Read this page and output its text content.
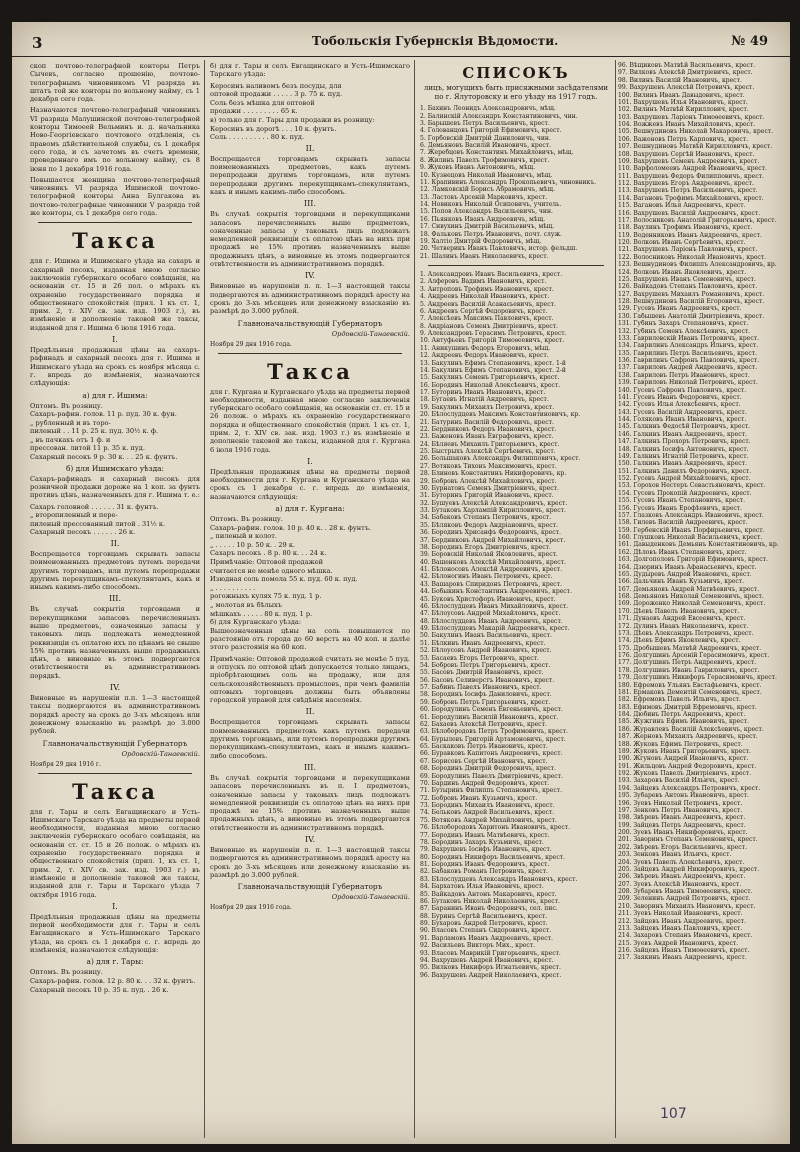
3	Тобольскія Губернскія Вѣдомости.	№ 49

скоп почтово-телеграфной конторы Петръ Сычевъ, согласно прошенію, почтово-телеграфнымъ чиновникомъ VI разряда въ штатъ той же конторы по вольному найму, съ 1 декабря сего года.

Назначаются почтово-телеграфный чиновникъ VI разряда Малушинской почтово-телеграфной конторы Тимоеей Вельминъ и. д. начальника Ново-Георгіевскаго почтового отдѣленія, съ правомъ дѣйствительной службы, съ 1 декабря сего года, и съ зачетомъ въ счетъ времени, проведеннаго имъ по вольному найму, съ 8 іюня по 1 декабря 1916 года.

Повышается женщина почтово-телеграфный чиновникъ VI разряда Ишимской почтово-телеграфной конторы Анна Булгакова въ почтово-телеграфные чиновники V разряда той же конторы, съ 1 декабря сего года.

Такса

для г. Ишима и Ишимскаго уѣзда на сахаръ и сахарный песокъ, изданная мною согласно заключенія губернскаго особаго совѣщанія, на основаніи ст. 15 и 26 пол. о мѣрахъ къ охраненію государственнаго порядка и общественнаго спокойствія (прил. 1 къ ст. 1, прим. 2, т. XIV св. зак. изд. 1903 г.), въ измѣненіе и дополненіе таковой же таксы, изданной для г. Ишима 6 іюля 1916 года.

I.

Предѣльныя продажныя цѣны на сахаръ-рафинадъ и сахарный песокъ для г. Ишима и Ишимскаго уѣзда на срокъ съ ноября мѣсяца с. г. впредь до измѣненія, назначаются слѣдующія:

а) для г. Ишима:
Оптомъ. Въ розницу.
Сахаръ-рафин. голов. 11 р. пуд. 30 к. фун.
„ рубленный и въ торо-
пиленый . . 11 р. 25 к. пуд. 30½ к. ф.
„ въ пачкахъ отъ 1 ф. и
прессован. литой 11 р. 35 к. пуд.
Сахарный песокъ 9 р. 30 к. . . 25 к. фунтъ.
б) для Ишимскаго уѣзда:

Сахаръ-рафинадъ и сахарный песокъ для розничной продажи дороже на 1 коп. за фунтъ противъ цѣнъ, назначенныхъ для г. Ишима т. е.:

Сахаръ головной . . . . . . 31 к. фунтъ.
„ второпиленный и пере-
пиленый прессованный литой . 31½ к.
Сахарный песокъ . . . . . . 26 к.
II.

Воспрещается торговцамъ скрывать запасы поименованныхъ предметовъ путемъ передачи другимъ торговцамъ, или путемъ перепродажи другимъ перекупщикамъ-спекулянтамъ, какъ и инымъ какимъ-либо способомъ.

III.

Въ случаѣ сокрытія торговцами и перекупщиками запасовъ перечисленныхъ выше предметовъ, означенные запасы у таковыхъ лицъ подлежатъ немедленной реквизиціи съ оплатою ихъ по цѣнамъ не свыше 15% противъ назначенныхъ выше продажныхъ цѣнъ, а виновные въ этомъ подвергаются отвѣтственности въ административномъ порядкѣ.

IV.

Виновные въ нарушеніи п.п. 1—3 настоящей таксы подвергаются въ административномъ порядкѣ аресту на срокъ до 3-хъ мѣсяцевъ или денежному взысканію въ размѣрѣ до 3.000 рублей.

Главноначальствующій Губернаторъ
Ордовскій-Танаевскій.
Ноября 29 дня 1916 г.
Такса

для г. Тары и селъ Евгащинскаго и Усть-Ишимскаго Тарскаго уѣзда на предметы первой необходимости, изданная мною согласно заключенія губернскаго особаго совѣщанія, на основаніи ст. ст. 15 и 26 полож. о мѣрахъ къ охраненію государственнаго порядка и общественнаго спокойствія (прил. 1, къ ст. 1, прим. 2, т. XIV св. зак. изд. 1903 г.) въ измѣненіе и дополненіе таковой же таксы, изданной для г. Тары и Тарскаго уѣзда 7 октября 1916 года.

I.

Предѣльныя продажныя цѣны на предметы первой необходимости для г. Тары и селъ Евгащинскаго и Усть-Ишимскаго Тарскаго уѣзда, на срокъ съ 1 декабря с. г. впредь до измѣненія, назначаются слѣдующія:

а) для г. Тары:
Оптомъ. Въ розницу.
Сахаръ-рафин. голов. 12 р. 80 к. . . 32 к. фунтъ.
Сахарный песокъ 10 р. 35 к. пуд. . 26 к.

б) для г. Тары и селъ Евгащинскаго и Усть-Ишимскаго Тарскаго уѣзда:

Керосинъ наливомъ безъ посуды, для
оптовой продажи . . . . . 3 р. 75 к. пуд.
Соль безъ мѣшка для оптовой
продажи . . . . . . . . . 65 к.
в) только для г. Тары для продажи въ розницу:
Керосинъ въ дорогѣ . . . 10 к. фунтъ.
Соль . . . . . . . . . . 80 к. пуд.
II.

Воспрещается торговцамъ скрывать запасы поименованныхъ предметовъ, какъ путемъ перепродажи другимъ торговцамъ, или путемъ перепродажи другимъ перекупщикамъ-спекулянтамъ, какъ и инымъ какимъ-либо способомъ.

III.

Въ случаѣ сокрытія торговцами и перекупщиками запасовъ перечисленныхъ выше предметовъ, означенные запасы у таковыхъ лицъ подлежатъ немедленной реквизиціи съ оплатою цѣнъ на нихъ при продажѣ не 15% противъ назначенныхъ выше продажныхъ цѣнъ, а виновные въ этомъ подвергаются отвѣтственности въ административномъ порядкѣ.

IV.

Виновные въ нарушеніи п. п. 1—3 настоящей таксы подвергаются въ административномъ порядкѣ аресту на срокъ до 3-хъ мѣсяцевъ или денежному взысканію въ размѣрѣ до 3.000 рублей.

Главноначальствующій Губернаторъ
Ордовскій-Танаевскій.
Ноября 29 дня 1916 года.
Такса

для г. Кургана и Курганскаго уѣзда на предметы первой необходимости, изданная мною согласно заключенія губернскаго особаго совѣщанія, на основаніи ст. ст. 15 и 26 полож. о мѣрахъ къ охраненію государственнаго порядка и общественнаго спокойствія (прил. 1 къ ст. 1, прим. 2, т. XIV св. зак. изд. 1903 г.) въ измѣненіе и дополненіе таковой же таксы, изданной для г. Кургана 6 іюля 1916 года.

I.

Предѣльныя продажныя цѣны на предметы первой необходимости для г. Кургана и Курганскаго уѣзда на срокъ съ 1 декабря с. г. впредь до измѣненія, назначаются слѣдующія:

а) для г. Кургана:
Оптомъ. Въ розницу.
Сахаръ-рафин. голов. 10 р. 40 к. . 28 к. фунтъ.
„ пиленый и колот.
„ . . . . . 10 р. 50 к. . 29 к.
Сахаръ песокъ . 8 р. 80 к. . . 24 к.
Примѣчаніе: Оптовой продажей
считается не менѣе одного мѣшка.
Изюдная соль помола 55 к. пуд. 60 к. пуд.
„ . . . . . . . . . .
рогожныхъ кулях 75 к. пуд. 1 р.
„ молотая въ бѣлыхъ
мѣшкахъ . . . . . 80 к. пуд. 1 р.
б) для Курганскаго уѣзда:

Вышеозначенныя цѣны на соль повышаются по разстоянію отъ города до 60 верстъ на 40 коп. и далѣе этого разстоянія на 60 коп.

Примѣчаніе: Оптовой продажей считать не менѣе 5 пуд. и отпускъ по оптовой цѣнѣ допускается только лицамъ, пріобрѣтающимъ соль на продажу, или для сельскохозяйственныхъ промысловъ, при чемъ фамиліи оптовыхъ торговцевъ должны быть объявлены городской управой для свѣдѣнія населенія.

II.

Воспрещается торговцамъ скрывать запасы поименованныхъ предметовъ какъ путемъ передачи другимъ торговцамъ, или путемъ перепродажи другимъ перекупщикамъ-спекулянтамъ, какъ и инымъ какимъ-либо способомъ.

III.

Въ случаѣ сокрытія торговцами и перекупщиками запасовъ перечисленныхъ въ п. I предметовъ, означенные запасы у таковыхъ лицъ подлежатъ немедленной реквизиціи съ оплатою цѣнъ на нихъ при продажѣ не 15% противъ назначенныхъ выше продажныхъ цѣнъ, а виновные въ этомъ подвергаются отвѣтственности въ административномъ порядкѣ.

IV.

Виновные въ нарушеніи п. п. 1—3 настоящей таксы подвергаются въ административномъ порядкѣ аресту на срокъ до 3-хъ мѣсяцевъ или денежному взысканію въ размѣрѣ до 3.000 рублей.

Главноначальствующій Губернаторъ
Ордовскій-Танаевскій.
Ноября 29 дня 1916 года.
СПИСОКЪ
лицъ, могущихъ быть присяжными засѣдателями по г. Ялуторовску и его уѣзду на 1917 годъ.
1. Бахинъ Леонидъ Александровичъ, мѣщ.
2. Балинскій Александръ Константиновичъ, чин.
3. Барышевъ Петръ Васильевичъ, крест.
4. Голованцовъ Григорій Ефимовичъ, крест.
5. Горбовскій Дмитрій Даниловичъ, чин.
6. Демьяновъ Василій Ивановичъ, крест.
7. Жеребцовъ Константинъ Михайловичъ, мѣщ.
8. Жилинъ Павелъ Трофимовичъ, крест.
9. Жуковъ Иванъ Антоновичъ, мѣщ.
10. Кузнецовъ Николай Ивановичъ, мѣщ.
11. Крапивинъ Александръ Прокопьевичъ, чиновникъ.
12. Ламковскій Борисъ Абрамовичъ, мѣщ.
13. Ластовъ Арсеній Марковичъ, крест.
14. Новиковъ Николай Осиповичъ, учитель.
15. Попов Александръ Васильевичъ, чин.
16. Пьянковъ Иванъ Андреевичъ, мѣщ.
17. Сивухинъ Дмитрій Васильевичъ, мѣщ.
18. Фальковъ Петръ Ивановичъ, почт. служ.
19. Халтіо Дмитрій Федоровичъ, мѣщ.
20. Четверикъ Иванъ Павловичъ, истор. фельдш.
21. Шалинъ Иванъ Николаевичъ, крест.
1. Александровъ Иванъ Васильевичъ, крест.
2. Алферовъ Вадимъ Ивановичъ, крест.
3. Антроповъ Трофимъ Ивановичъ, крест.
4. Андреевъ Николай Ивановичъ, крест.
5. Андреевъ Василій Асанасьевичъ, крест.
6. Андреевъ Сергѣй Федоровичъ, крест.
7. Алексѣевъ Максимъ Павловичъ, крест.
8. Андріановъ Семенъ Дмитріевичъ, крест.
9. Александровъ Герасимъ Петровичъ, крест.
10. Антуфьевъ Григорій Тимоѳеевичъ, крест.
11. Аникушинъ Федоръ Егоровичъ, мѣщ.
12. Андреевъ Федоръ Ивановичъ, крест.
13. Бакулинъ Ефимъ Степановичъ, крест. 1-й
14. Бакулинъ Ефимъ Степановичъ, крест. 2-й
15. Бакулинъ Семенъ Григорьевичъ, крест.
16. Бородинъ Николай Алексѣевичъ, крест.
17. Буторинъ Иванъ Ивановичъ, крест.
18. Бугаевъ Игнатій Андреевичъ, крест.
19. Бакулинъ Михаилъ Петровичъ, крест.
20. Бѣлослудцевъ Максимъ Константиновичъ, кр.
21. Батуринъ Василій Федоровичъ, крест.
22. Бердниковъ Федоръ Ивановичъ, крест.
23. Баженовъ Иванъ Евграфовичъ, крест.
24. Бѣляевъ Михаилъ Григорьевичъ, крест.
25. Быстрыхъ Алексѣй Сергѣевичъ, крест.
26. Большаковъ Александръ Филипповичъ, крест.
27. Вотяковъ Тихонъ Максимовичъ, крест.
28. Блиновъ Константинъ Никифоровичъ, кр.
29. Бобровъ Алексѣй Михайловичъ, крест.
30. Бурнатовъ Семенъ Дмитріевичъ, крест.
31. Буторинъ Григорій Ивановичъ, крест.
32. Бушуевъ Алексѣй Александровичъ, крест.
33. Бутаковъ Харлампій Кирилловичъ, крест.
34. Бабаковъ Степанъ Петровичъ, крест.
35. Бѣляковъ Федоръ Андріановичъ, крест.
36. Бородинъ Хрисанфъ Федоровичъ, крест.
37. Бердниковъ Андрей Михайловичъ, крест.
38. Бородинъ Егоръ Дмитріевичъ, крест.
39. Боровскій Николай Яковлевичъ, крест.
40. Вашенковъ Алексѣй Михайловичъ, крест.
41. Бѣлоносовъ Алексѣй Андреевичъ, крест.
42. Бѣлоногинъ Иванъ Петровичъ, крест.
43. Вашаровъ Спиридонъ Петровичъ, крест.
44. Бобыкинъ Константинъ Андреевичъ, крест.
45. Буковъ Христофоръ Ивановичъ, крест.
46. Бѣлослудцевъ Иванъ Михайловичъ, крест.
47. Бѣлоусовъ Андрей Михайловичъ, крест.
48. Бѣлослудцевъ Иванъ Андреевичъ, крест.
49. Бѣлослудцевъ Макарій Андреевичъ, крест.
50. Бакулинъ Иванъ Васильевичъ, крест.
51. Бѣлкинъ Иванъ Андреевичъ, крест.
52. Бѣлоусовъ Андрей Ивановичъ, крест.
53. Басаевъ Егоръ Петровичъ, крест.
54. Бобровъ Петръ Григорьевичъ, крест.
55. Басовъ Дмитрій Ивановичъ, крест.
56. Басовъ Селиверстъ Ивановичъ, крест.
57. Бабинъ Павелъ Ивановичъ, крест.
58. Бородинъ Іосифъ Даниловичъ, крест.
59. Бобровъ Петръ Григорьевичъ, крест.
60. Бородулинъ Семенъ Евгеньевичъ, крест.
61. Бородулинъ Василій Ивановичъ, крест.
62. Бахаевъ Алексѣй Петровичъ, крест.
63. Бѣлобородовъ Петръ Трофимовичъ, крест.
64. Бурылевъ Григорій Артамоновичъ, крест.
65. Баскаковъ Петръ Ивановичъ, крест.
66. Буравковъ Капитонъ Андреевичъ, крест.
67. Борисовъ Сергѣй Ивановичъ, крест.
68. Бородинъ Дмитрій Федоровичъ, крест.
69. Бородулинъ Павелъ Дмитріевичъ, крест.
70. Бардинъ Андрей Федоровичъ, крест.
71. Бутыринъ Филиппъ Степановичъ, крест.
72. Бобровъ Иванъ Кузьмичъ, крест.
73. Бородинъ Михаилъ Ивановичъ, крест.
74. Бельковъ Андрей Васильевичъ, крест.
75. Вотяковъ Андрей Михайловичъ, крест.
76. Бѣлобородовъ Харитонъ Ивановичъ, крест.
77. Бородинъ Иванъ Матвѣевичъ, крест.
78. Бородинъ Захаръ Кузьмичъ, крест.
79. Вахрушевъ Іосифъ Ивановичъ, крест.
80. Бородинъ Никифоръ Васильевичъ, крест.
81. Бородинъ Иванъ Федоровичъ, крест.
82. Бабаковъ Романъ Петровичъ, крест.
83. Бѣлослудцевъ Александръ Ивановичъ, крест.
84. Бархатовъ Илья Ивановичъ, крест.
85. Вайкадовъ Антонъ Макаровичъ, крест.
86. Бутаковъ Николай Николаевичъ, крест.
87. Баранинъ Иванъ Федоровичъ, сел. пис.
88. Буринъ Сергѣй Васильевичъ, крест.
89. Бухаровъ Андрей Петровичъ, крест.
90. Власовъ Степанъ Сидоровичъ, крест.
91. Варламовъ Иванъ Андреевичъ, крест.
92. Васильевъ Викторъ Мих., крест.
93. Власовъ Маврикій Григорьевичъ, крест.
94. Вахрушевъ Андрей Ивановичъ, крест.
95. Вилковъ Никифоръ Игнатьевичъ, крест.
96. Вахрушевъ Андрей Николаевичъ, крест.
96. Вѣщиковъ Матвѣй Васильевичъ, крест.
97. Вилковъ Алексѣй Дмитріевичъ, крест.
98. Вилинъ Василій Ивановичъ, крест.
99. Вахрушевъ Алексѣй Петровичъ, крест.
100. Вилинъ Иванъ Давыдовичъ, крест.
101. Вахрушевъ Илья Ивановичъ, крест.
102. Вилинъ Матвѣй Кириллович, крест.
103. Вахрушевъ Ларіонъ Тимоѳеевичъ, крест.
104. Вожжевъ Иванъ Михайловичъ, крест.
105. Вешнудиновъ Николай Макаровичъ, крест.
106. Важеновъ Петръ Карповичъ, крест.
107. Вешнудиновъ Матвѣй Кирилловичъ, крест.
108. Вахрушевъ Сергѣй Ивановичъ, крест.
109. Вахрушевъ Семенъ Андреевичъ, крест.
110. Варфоломеевъ Андрей Ивановичъ, крест.
111. Вахрушевъ Федоръ Филипповичъ, крест.
112. Вахрушевъ Егоръ Андреевичъ, крест.
113. Вахрушевъ Петръ Васильевичъ, крест.
114. Вагановъ Трофимъ Михайловичъ, крест.
115. Вагановъ Илья Андреевичъ, крест.
116. Вахрушевъ Василій Андреевичъ, крест.
117. Волосниковъ Анатолій Григорьевичъ, крест.
118. Ваулинъ Трофимъ Ивановичъ, крест.
119. Воденниковъ Иванъ Андреевичъ, крест.
120. Волковъ Иванъ Сергѣевичъ, крест.
121. Вахрушевъ Ларіонъ Павловичъ, крест.
122. Волосниковъ Николай Ивановичъ, крест.
123. Вешнудиновъ Филиппъ Александровичъ, кр.
124. Волковъ Иванъ Яковлевичъ, крест.
125. Вахрушевъ Иванъ Семеновичъ, крест.
126. Вайкадовъ Степанъ Павловичъ, крест.
127. Вахрушевъ Михаилъ Романовичъ, крест.
128. Вешнудиновъ Василій Егоровичъ, крест.
129. Гусевъ Иванъ Андреевичъ, крест.
130. Габышевъ Анатолій Дмитріевичъ, крест.
131. Губинъ Захаръ Степановичъ, крест.
132. Губинъ Семенъ Алексѣевичъ, крест.
133. Гавриловскій Иванъ Петровичъ, крест.
134. Гаврилинъ Александръ Ильичъ, крест.
135. Гаврилинъ Петръ Васильевичъ, крест.
136. Гаврилинъ Сафронъ Павловичъ, крест.
137. Гавриловъ Андрей Андреевичъ, крест.
138. Гавриловъ Петръ Ивановичъ, крест.
139. Гавриловъ Николай Петровичъ, крест.
140. Гусевъ Сафронъ Павловичъ, крест.
141. Гусевъ Иванъ Федоровичъ, крест.
142. Гусевъ Илья Алексѣевичъ, крест.
143. Гусевъ Василій Андреевичъ, крест.
144. Голяковъ Иванъ Ивановичъ, крест.
145. Галкинъ Федосѣй Петровичъ, крест.
146. Галкинъ Иванъ Андреевичъ, крест.
147. Галкинъ Прохоръ Петровичъ, крест.
148. Галкинъ Іосифъ Антоновичъ, крест.
149. Галкинъ Игнатій Петровичъ, крест.
150. Галкинъ Иванъ Андреевичъ, крест.
151. Галкинъ Данилъ Федоровичъ, крест.
152. Гусевъ Андрей Михайловичъ, крест.
153. Горохов Нестеръ Севастьяновичъ, крест.
154. Гусевъ Прокопій Андреевичъ, крест.
155. Гусевъ Иванъ Степановичъ, крест.
156. Гусевъ Иванъ Ерофѣевичъ, крест.
157. Глазковъ Александръ Ивановичъ, крест.
158. Гилевъ Василій Андреевичъ, крест.
159. Гербенскій Иванъ Порфирьевичъ, крест.
160. Глушковъ Николай Васильевичъ, крест.
161. Давыденковъ Демьянъ Константиновичъ, кр.
162. Дѣловъ Иванъ Степановичъ, крест.
163. Долгополовъ Григорій Ефимовичъ, крест.
164. Дзюринъ Иванъ Афанасьевичъ, крест.
165. Дудыревъ Андрей Ивановичъ, крест.
166. Дальчинъ Иванъ Кузьмичъ, крест.
167. Демьяновъ Андрей Матвѣевичъ, крест.
168. Демьяновъ Николай Семеновичъ, крест.
169. Дороженко Николай Семеновичъ, крест.
170. Дѣевъ Павелъ Ивановичъ, крест.
171. Дунаевъ Андрей Евсеевичъ, крест.
172. Дулинъ Иванъ Николаевичъ, крест.
173. Дѣевъ Александръ Петровичъ, крест.
174. Дѣевъ Ефимъ Яковлевичъ, крест.
175. Дробышевъ Матвѣй Андреевичъ, крест.
176. Долгушинъ Арсеній Герасимовичъ, крест.
177. Долгушинъ Петръ Андреевичъ, крест.
178. Долгушинъ Иванъ Гавриловичъ, крест.
179. Долгушинъ Никифоръ Герасимовичъ, крест.
180. Ефремовъ Ульянъ Евстафьевичъ, крест.
181. Ермаковъ Дементій Семеновичъ, крест.
182. Ефремовъ Павелъ Ильичъ, крест.
183. Ефимовъ Дмитрій Ефремовичъ, крест.
184. Дюбинъ Петръ Андреевичъ, крест.
185. Жужгинъ Ефимъ Ивановичъ, крест.
186. Журавлевъ Василій Алексѣевичъ, крест.
187. Жерновъ Михаилъ Андреевичъ, крест.
188. Жуковъ Ефимъ Петровичъ, крест.
189. Жуковъ Иванъ Григорьевичъ, крест.
190. Жгуновъ Андрей Ивановичъ, крест.
191. Жильцовъ Андрей Федоровичъ, крест.
192. Жуковъ Павелъ Дмитріевичъ, крест.
193. Захаровъ Василій Ильичъ, крест.
194. Зайцевъ Александръ Петровичъ, крест.
195. Зубаревъ Антонъ Ивановичъ, крест.
196. Зуевъ Николай Петровичъ, крест.
197. Зенковъ Петръ Ивановичъ, крест.
198. Звѣревъ Иванъ Андреевичъ, крест.
199. Зайцевъ Петръ Андреевичъ, крест.
200. Зуевъ Иванъ Никифоровичъ, крест.
201. Заворинъ Степанъ Семеновичъ, крест.
202. Звѣревъ Егоръ Васильевичъ, крест.
203. Зенковъ Иванъ Ильичъ, крест.
204. Зуевъ Павелъ Алексѣевичъ, крест.
205. Зайцевъ Андрей Никифоровичъ, крест.
206. Звѣревъ Иванъ Андреевичъ, крест.
207. Зуевъ Алексѣй Ивановичъ, крест.
208. Зубаревъ Иванъ Тимоѳеевичъ, крест.
209. Зеленинъ Андрей Петровичъ, крест.
210. Заворинъ Михаилъ Ивановичъ, крест.
211. Зуевъ Николай Ивановичъ, крест.
212. Зайцевъ Иванъ Андреевичъ, крест.
213. Зайцевъ Иванъ Павловичъ, крест.
214. Захаровъ Степанъ Ивановичъ, крест.
215. Зуевъ Андрей Ивановичъ, крест.
216. Зайцевъ Иванъ Тимоѳеевичъ, крест.
217. Заякинъ Иванъ Андреевичъ, крест.
107
